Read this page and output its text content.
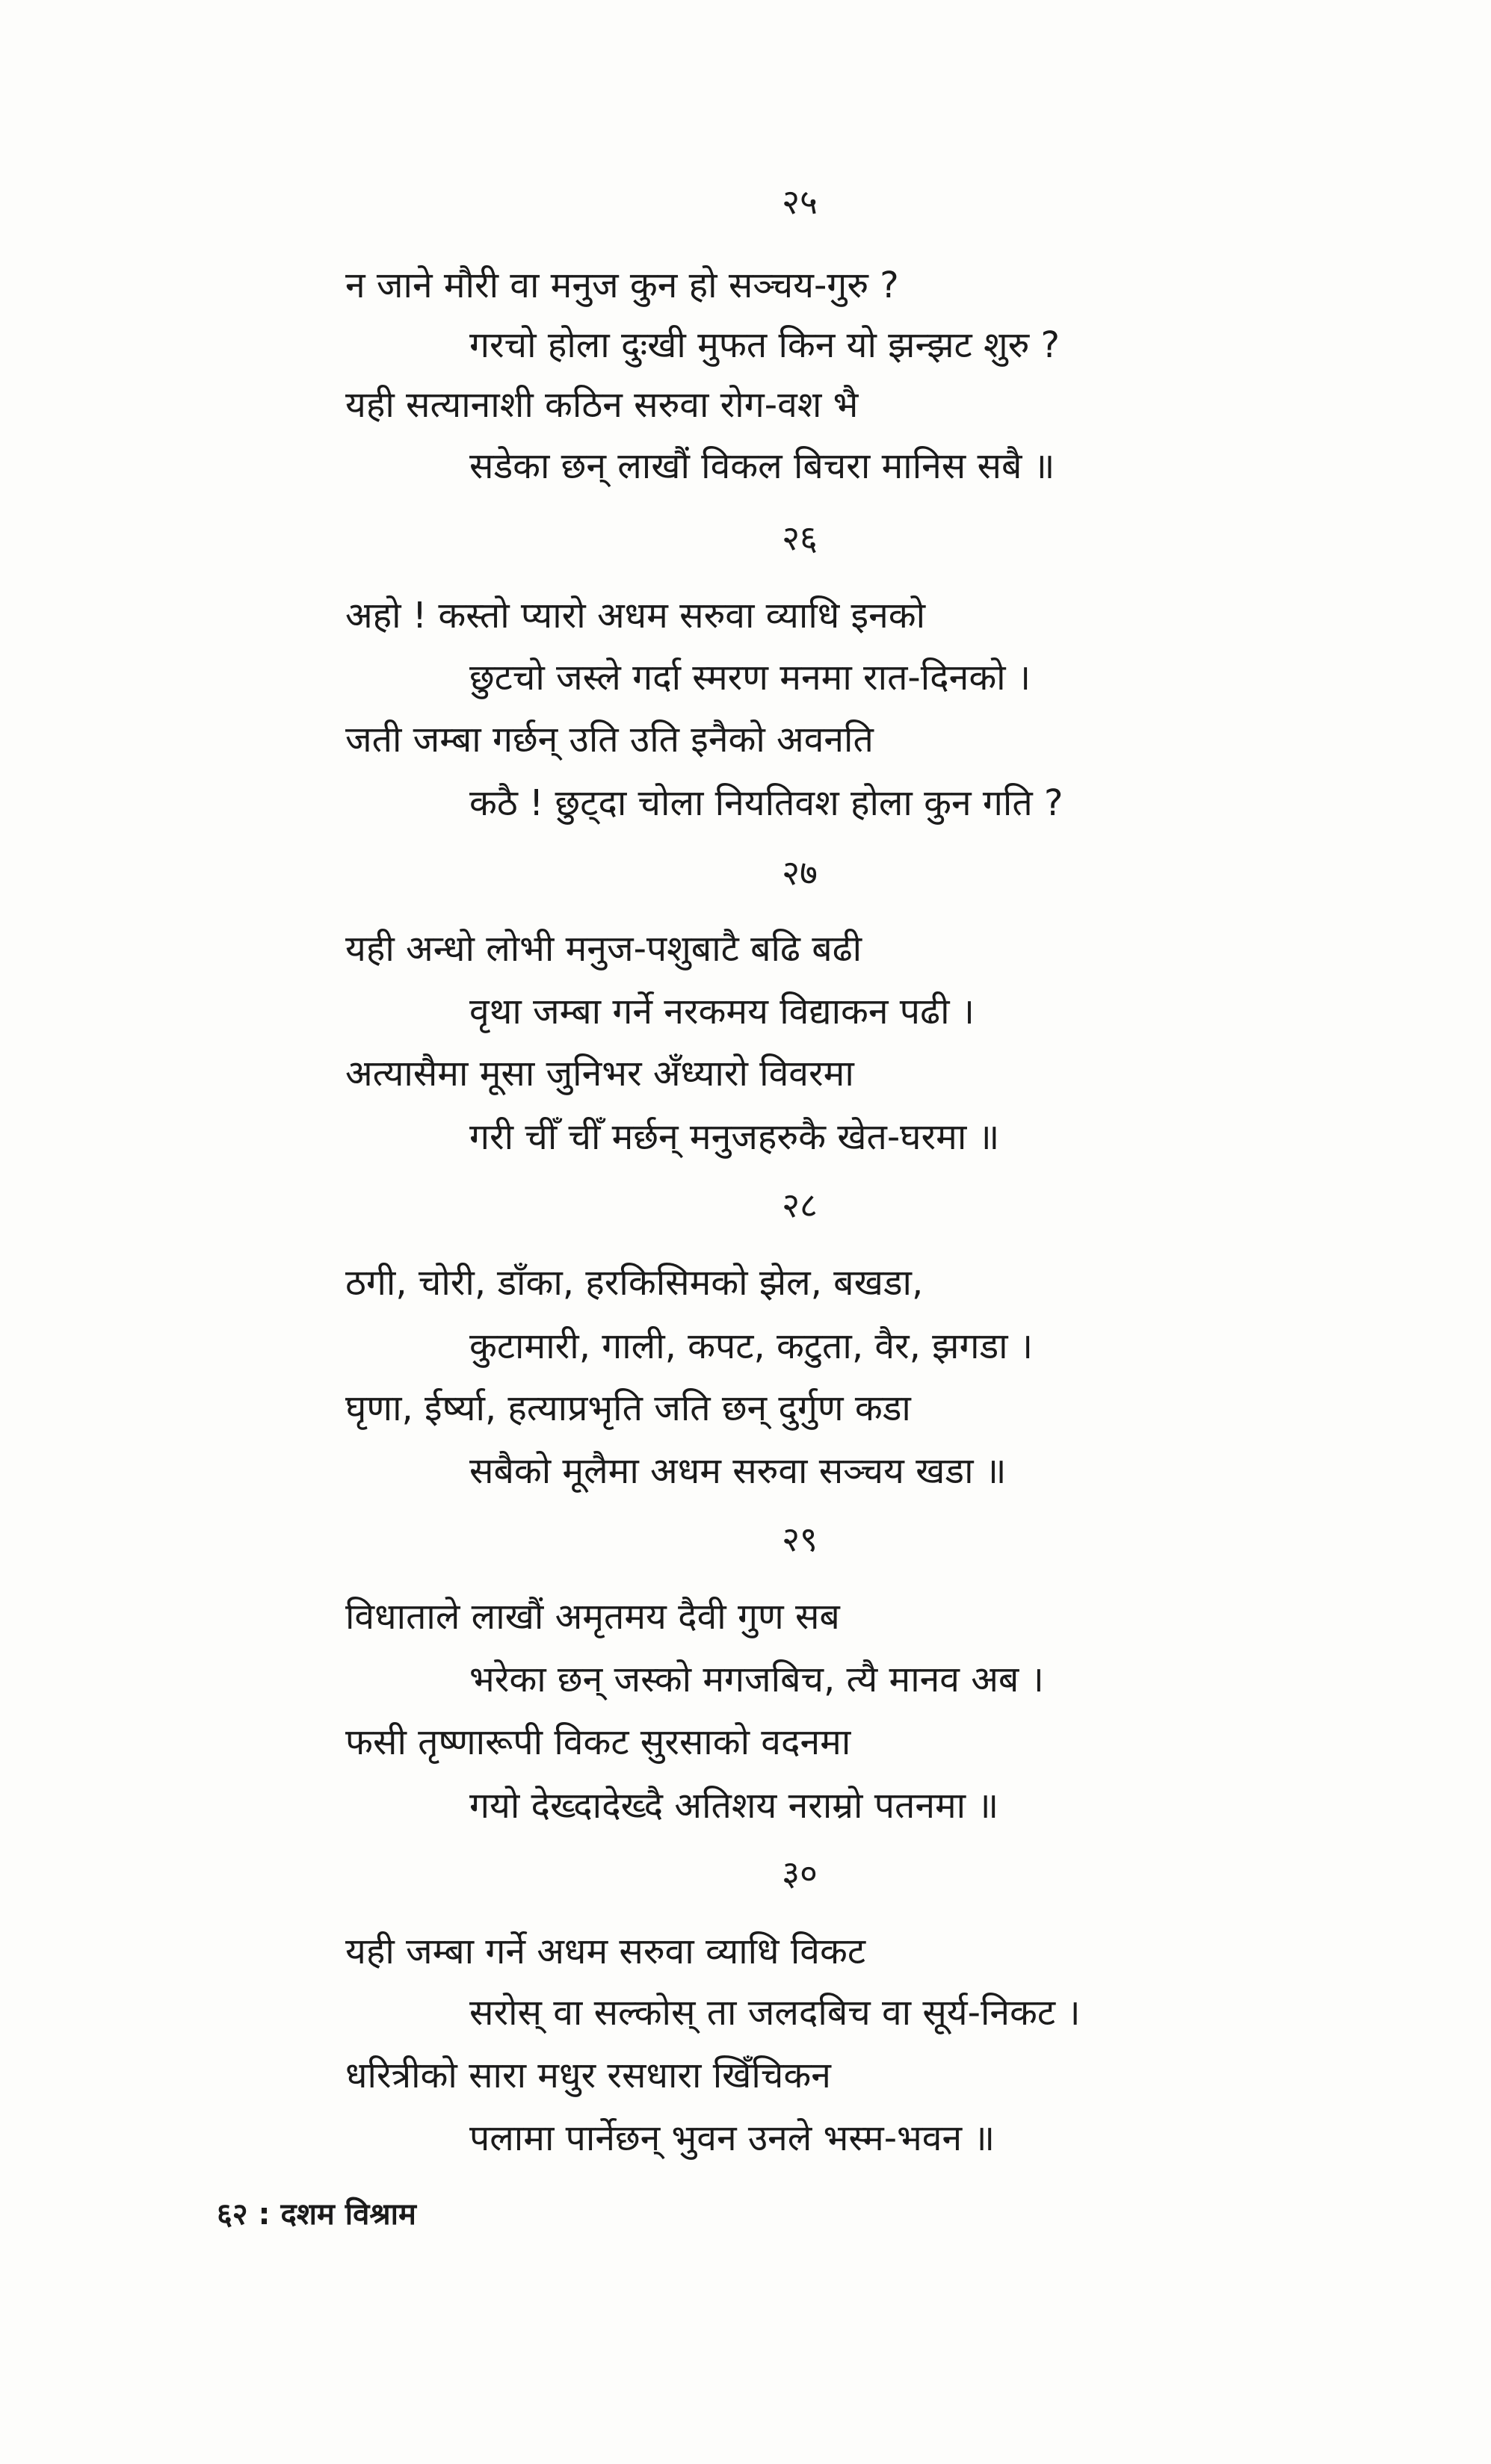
२५
न जाने मौरी वा मनुज कुन हो सञ्चय-गुरु ?
गरचो होला दुःखी मुफत किन यो झन्झट शुरु ?
यही सत्यानाशी कठिन सरुवा रोग-वश भै
सडेका छन् लाखौं विकल बिचरा मानिस सबै ॥
२६
अहो ! कस्तो प्यारो अधम सरुवा व्याधि इनको
छुटचो जस्ले गर्दा स्मरण मनमा रात-दिनको ।
जती जम्बा गर्छन् उति उति इनैको अवनति
कठै ! छुट्दा चोला नियतिवश होला कुन गति ?
२७
यही अन्धो लोभी मनुज-पशुबाटै बढि बढी
वृथा जम्बा गर्ने नरकमय विद्याकन पढी ।
अत्यासैमा मूसा जुनिभर अँध्यारो विवरमा
गरी चीँ चीँ मर्छन् मनुजहरुकै खेत-घरमा ॥
२८
ठगी, चोरी, डाँका, हरकिसिमको झेल, बखडा,
कुटामारी, गाली, कपट, कटुता, वैर, झगडा ।
घृणा, ईर्ष्या, हत्याप्रभृति जति छन् दुर्गुण कडा
सबैको मूलैमा अधम सरुवा सञ्चय खडा ॥
२९
विधाताले लाखौं अमृतमय दैवी गुण सब
भरेका छन् जस्को मगजबिच, त्यै मानव अब ।
फसी तृष्णारूपी विकट सुरसाको वदनमा
गयो देख्दादेख्दै अतिशय नराम्रो पतनमा ॥
३०
यही जम्बा गर्ने अधम सरुवा व्याधि विकट
सरोस् वा सल्कोस् ता जलदबिच वा सूर्य-निकट ।
धरित्रीको सारा मधुर रसधारा खिँचिकन
पलामा पार्नेछन् भुवन उनले भस्म-भवन ॥
६२ : दशम विश्राम
